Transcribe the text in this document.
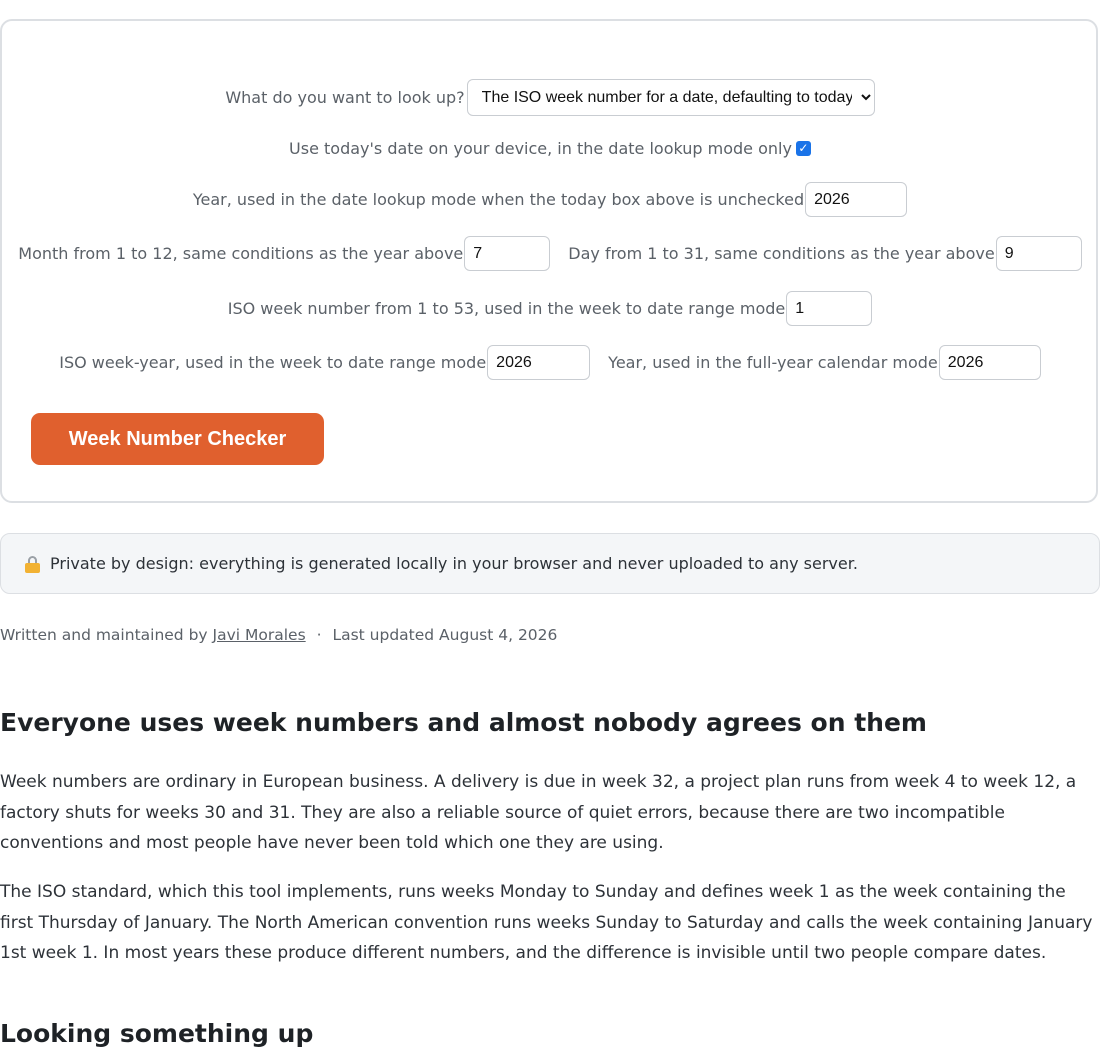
What do you want to look up?
The ISO week number for a date, defaulting to today
Use today's date on your device, in the date lookup mode only ✓
Year, used in the date lookup mode when the today box above is unchecked
2026
Month from 1 to 12, same conditions as the year above
7	Day from 1 to 31, same conditions as the year above
9
ISO week number from 1 to 53, used in the week to date range mode
1
ISO week-year, used in the week to date range mode
2026	Year, used in the full-year calendar mode
2026
Week Number Checker
Private by design: everything is generated locally in your browser and never uploaded to any server.
Written and maintained by Javi Morales · Last updated August 4, 2026
Everyone uses week numbers and almost nobody agrees on them

Week numbers are ordinary in European business. A delivery is due in week 32, a project plan runs from week 4 to week 12, a factory shuts for weeks 30 and 31. They are also a reliable source of quiet errors, because there are two incompatible conventions and most people have never been told which one they are using.

The ISO standard, which this tool implements, runs weeks Monday to Sunday and defines week 1 as the week containing the first Thursday of January. The North American convention runs weeks Sunday to Saturday and calls the week containing January 1st week 1. In most years these produce different numbers, and the difference is invisible until two people compare dates.

Looking something up
